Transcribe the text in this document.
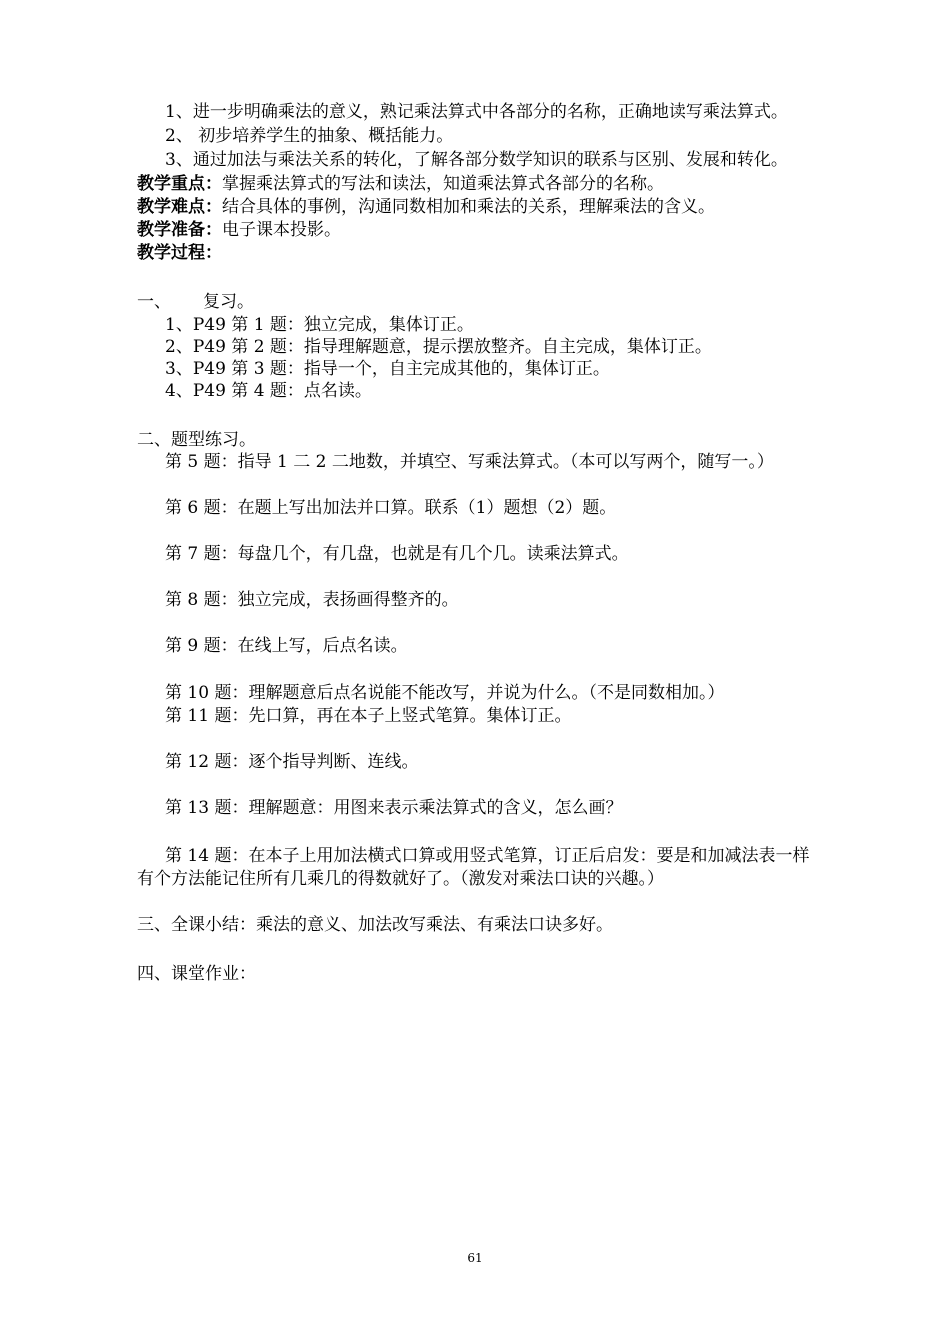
1、进一步明确乘法的意义，熟记乘法算式中各部分的名称，正确地读写乘法算式。
2、 初步培养学生的抽象、概括能力。
3、通过加法与乘法关系的转化，了解各部分数学知识的联系与区别、发展和转化。
教学重点：掌握乘法算式的写法和读法，知道乘法算式各部分的名称。
教学难点：结合具体的事例，沟通同数相加和乘法的关系，理解乘法的含义。
教学准备：电子课本投影。
教学过程：
一、 复习。
1、P49 第 1 题：独立完成，集体订正。
2、P49 第 2 题：指导理解题意，提示摆放整齐。自主完成，集体订正。
3、P49 第 3 题：指导一个，自主完成其他的，集体订正。
4、P49 第 4 题：点名读。
二、题型练习。
第 5 题：指导 1 二 2 二地数，并填空、写乘法算式。（本可以写两个，随写一。）
第 6 题：在题上写出加法并口算。联系（1）题想（2）题。
第 7 题：每盘几个，有几盘，也就是有几个几。读乘法算式。
第 8 题：独立完成，表扬画得整齐的。
第 9 题：在线上写，后点名读。
第 10 题：理解题意后点名说能不能改写，并说为什么。（不是同数相加。）
第 11 题：先口算，再在本子上竖式笔算。集体订正。
第 12 题：逐个指导判断、连线。
第 13 题：理解题意：用图来表示乘法算式的含义，怎么画？
第 14 题：在本子上用加法横式口算或用竖式笔算，订正后启发：要是和加减法表一样
有个方法能记住所有几乘几的得数就好了。（激发对乘法口诀的兴趣。）
三、全课小结：乘法的意义、加法改写乘法、有乘法口诀多好。
四、课堂作业：
61
